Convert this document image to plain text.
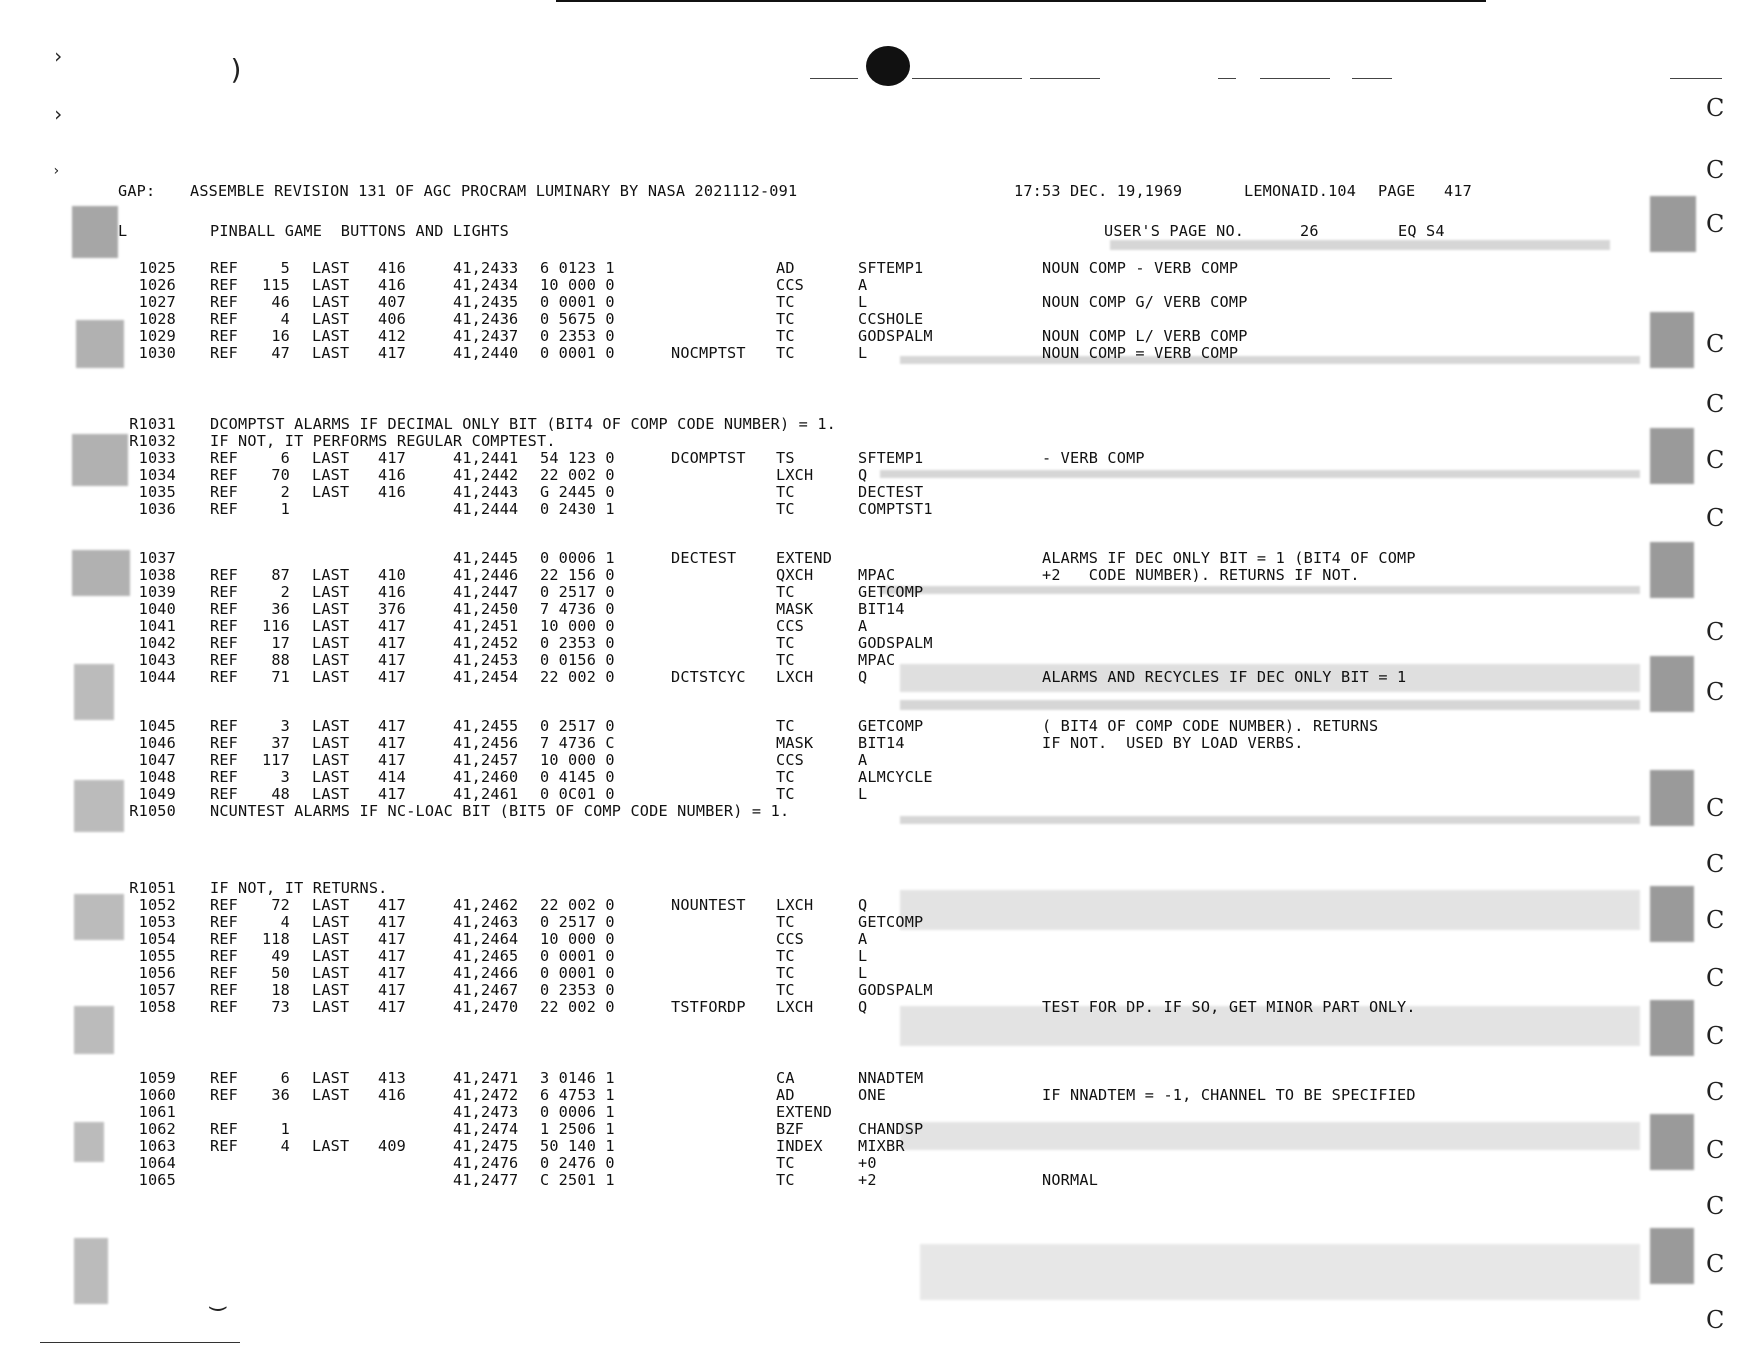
›
›
›
)
‿
C
C
C
C
C
C
C
C
C
C
C
C
C
C
C
C
C
C
C

GAP:

ASSEMBLE REVISION 131 OF AGC PROCRAM LUMINARY BY NASA 2021112-091

	17:53 DEC. 19,1969

	LEMONAID.104

PAGE

417

L

	PINBALL GAME  BUTTONS AND LIGHTS

	USER'S PAGE NO.

	26

	EQ S4

1025 REF	5 LAST 416	41,2433 6 0123 1	AD	SFTEMP1	NOUN COMP - VERB COMP
1026 REF	115 LAST 416	41,2434 10 000 0	CCS	A
1027 REF	46 LAST 407	41,2435 0 0001 0	TC	L	NOUN COMP G/ VERB COMP
1028 REF	4 LAST 406	41,2436 0 5675 0	TC	CCSHOLE
1029 REF	16 LAST 412	41,2437 0 2353 0	TC	GODSPALM	NOUN COMP L/ VERB COMP
1030 REF	47 LAST 417	41,2440 0 0001 0	NOCMPTST TC	L	NOUN COMP = VERB COMP
R1031 DCOMPTST ALARMS IF DECIMAL ONLY BIT (BIT4 OF COMP CODE NUMBER) = 1.
R1032 IF NOT, IT PERFORMS REGULAR COMPTEST.
1033 REF	6 LAST 417	41,2441 54 123 0	DCOMPTST TS	SFTEMP1	- VERB COMP
1034 REF	70 LAST 416	41,2442 22 002 0	LXCH	Q
1035 REF	2 LAST 416	41,2443 G 2445 0	TC	DECTEST
1036 REF	1	41,2444 0 2430 1	TC	COMPTST1
1037	41,2445 0 0006 1	DECTEST	EXTEND	ALARMS IF DEC ONLY BIT = 1 (BIT4 OF COMP
1038 REF	87 LAST 410	41,2446 22 156 0	QXCH	MPAC	+2   CODE NUMBER). RETURNS IF NOT.
1039 REF	2 LAST 416	41,2447 0 2517 0	TC	GETCOMP
1040 REF	36 LAST 376	41,2450 7 4736 0	MASK	BIT14
1041 REF	116 LAST 417	41,2451 10 000 0	CCS	A
1042 REF	17 LAST 417	41,2452 0 2353 0	TC	GODSPALM
1043 REF	88 LAST 417	41,2453 0 0156 0	TC	MPAC
1044 REF	71 LAST 417	41,2454 22 002 0	DCTSTCYC LXCH	Q	ALARMS AND RECYCLES IF DEC ONLY BIT = 1
1045 REF	3 LAST 417	41,2455 0 2517 0	TC	GETCOMP	( BIT4 OF COMP CODE NUMBER). RETURNS
1046 REF	37 LAST 417	41,2456 7 4736 C	MASK	BIT14	IF NOT.  USED BY LOAD VERBS.
1047 REF	117 LAST 417	41,2457 10 000 0	CCS	A
1048 REF	3 LAST 414	41,2460 0 4145 0	TC	ALMCYCLE
1049 REF	48 LAST 417	41,2461 0 0C01 0	TC	L
R1050 NCUNTEST ALARMS IF NC-LOAC BIT (BIT5 OF COMP CODE NUMBER) = 1.
R1051 IF NOT, IT RETURNS.
1052 REF	72 LAST 417	41,2462 22 002 0	NOUNTEST LXCH	Q
1053 REF	4 LAST 417	41,2463 0 2517 0	TC	GETCOMP
1054 REF	118 LAST 417	41,2464 10 000 0	CCS	A
1055 REF	49 LAST 417	41,2465 0 0001 0	TC	L
1056 REF	50 LAST 417	41,2466 0 0001 0	TC	L
1057 REF	18 LAST 417	41,2467 0 2353 0	TC	GODSPALM
1058 REF	73 LAST 417	41,2470 22 002 0	TSTFORDP LXCH	Q	TEST FOR DP. IF SO, GET MINOR PART ONLY.
1059 REF	6 LAST 413	41,2471 3 0146 1	CA	NNADTEM
1060 REF	36 LAST 416	41,2472 6 4753 1	AD	ONE	IF NNADTEM = -1, CHANNEL TO BE SPECIFIED
1061	41,2473 0 0006 1	EXTEND
1062 REF	1	41,2474 1 2506 1	BZF	CHANDSP
1063 REF	4 LAST 409	41,2475 50 140 1	INDEX MIXBR
1064	41,2476 0 2476 0	TC	+0
1065	41,2477 C 2501 1	TC	+2	NORMAL
